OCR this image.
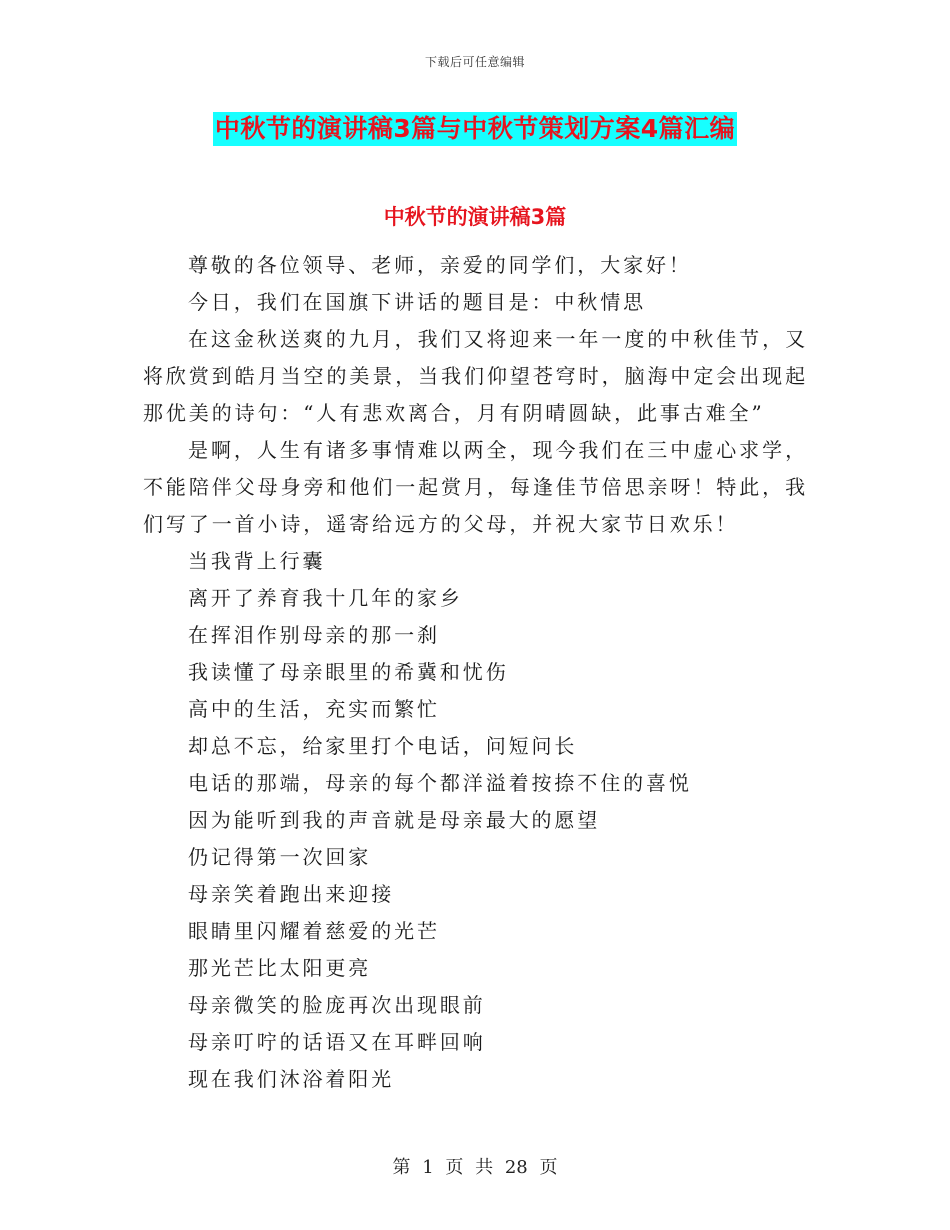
下载后可任意编辑
中秋节的演讲稿3篇与中秋节策划方案4篇汇编
中秋节的演讲稿3篇

尊敬的各位领导、老师，亲爱的同学们，大家好！

今日，我们在国旗下讲话的题目是：中秋情思

在这金秋送爽的九月，我们又将迎来一年一度的中秋佳节，又将欣赏到皓月当空的美景，当我们仰望苍穹时，脑海中定会出现起那优美的诗句：“人有悲欢离合，月有阴晴圆缺，此事古难全”

是啊，人生有诸多事情难以两全，现今我们在三中虚心求学，不能陪伴父母身旁和他们一起赏月，每逢佳节倍思亲呀！特此，我们写了一首小诗，遥寄给远方的父母，并祝大家节日欢乐！

当我背上行囊

离开了养育我十几年的家乡

在挥泪作别母亲的那一刹

我读懂了母亲眼里的希冀和忧伤

高中的生活，充实而繁忙

却总不忘，给家里打个电话，问短问长

电话的那端，母亲的每个都洋溢着按捺不住的喜悦

因为能听到我的声音就是母亲最大的愿望

仍记得第一次回家

母亲笑着跑出来迎接

眼睛里闪耀着慈爱的光芒

那光芒比太阳更亮

母亲微笑的脸庞再次出现眼前

母亲叮咛的话语又在耳畔回响

现在我们沐浴着阳光

第 1 页 共 28 页
